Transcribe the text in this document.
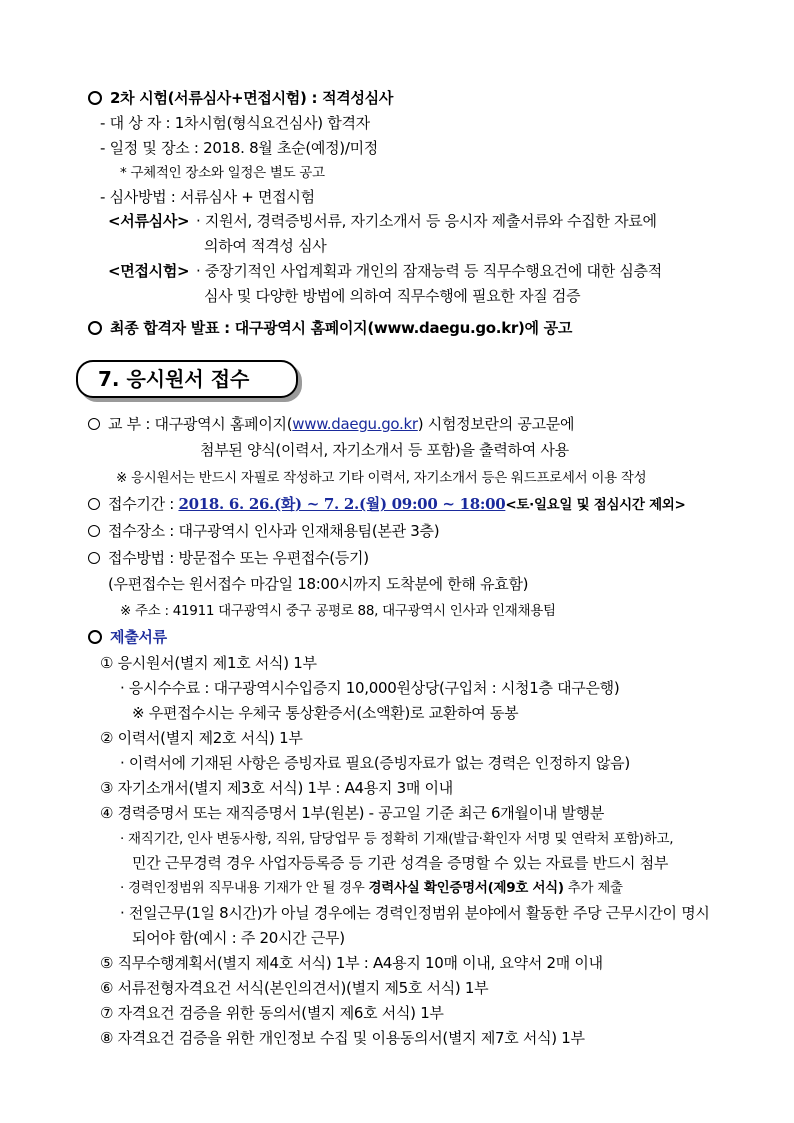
2차 시험(서류심사+면접시험) : 적격성심사
- 대 상 자 : 1차시험(형식요건심사) 합격자
- 일정 및 장소 : 2018. 8월 초순(예정)/미정
* 구체적인 장소와 일정은 별도 공고
- 심사방법 : 서류심사 + 면접시험
<서류심사> · 지원서, 경력증빙서류, 자기소개서 등 응시자 제출서류와 수집한 자료에
의하여 적격성 심사
<면접시험> · 중장기적인 사업계획과 개인의 잠재능력 등 직무수행요건에 대한 심층적
심사 및 다양한 방법에 의하여 직무수행에 필요한 자질 검증
최종 합격자 발표 : 대구광역시 홈페이지(www.daegu.go.kr)에 공고
7. 응시원서 접수
교 부 : 대구광역시 홈페이지(www.daegu.go.kr) 시험정보란의 공고문에
첨부된 양식(이력서, 자기소개서 등 포함)을 출력하여 사용
※ 응시원서는 반드시 자필로 작성하고 기타 이력서, 자기소개서 등은 워드프로세서 이용 작성
접수기간 : 2018. 6. 26.(화) ~ 7. 2.(월) 09:00 ~ 18:00<토·일요일 및 점심시간 제외>
접수장소 : 대구광역시 인사과 인재채용팀(본관 3층)
접수방법 : 방문접수 또는 우편접수(등기)
(우편접수는 원서접수 마감일 18:00시까지 도착분에 한해 유효함)
※ 주소 : 41911 대구광역시 중구 공평로 88, 대구광역시 인사과 인재채용팀
제출서류
① 응시원서(별지 제1호 서식) 1부
· 응시수수료 : 대구광역시수입증지 10,000원상당(구입처 : 시청1층 대구은행)
※ 우편접수시는 우체국 통상환증서(소액환)로 교환하여 동봉
② 이력서(별지 제2호 서식) 1부
· 이력서에 기재된 사항은 증빙자료 필요(증빙자료가 없는 경력은 인정하지 않음)
③ 자기소개서(별지 제3호 서식) 1부 : A4용지 3매 이내
④ 경력증명서 또는 재직증명서 1부(원본) - 공고일 기준 최근 6개월이내 발행분
· 재직기간, 인사 변동사항, 직위, 담당업무 등 정확히 기재(발급·확인자 서명 및 연락처 포함)하고,
민간 근무경력 경우 사업자등록증 등 기관 성격을 증명할 수 있는 자료를 반드시 첨부
· 경력인정범위 직무내용 기재가 안 될 경우 경력사실 확인증명서(제9호 서식) 추가 제출
· 전일근무(1일 8시간)가 아닐 경우에는 경력인정범위 분야에서 활동한 주당 근무시간이 명시
되어야 함(예시 : 주 20시간 근무)
⑤ 직무수행계획서(별지 제4호 서식) 1부 : A4용지 10매 이내, 요약서 2매 이내
⑥ 서류전형자격요건 서식(본인의견서)(별지 제5호 서식) 1부
⑦ 자격요건 검증을 위한 동의서(별지 제6호 서식) 1부
⑧ 자격요건 검증을 위한 개인정보 수집 및 이용동의서(별지 제7호 서식) 1부
